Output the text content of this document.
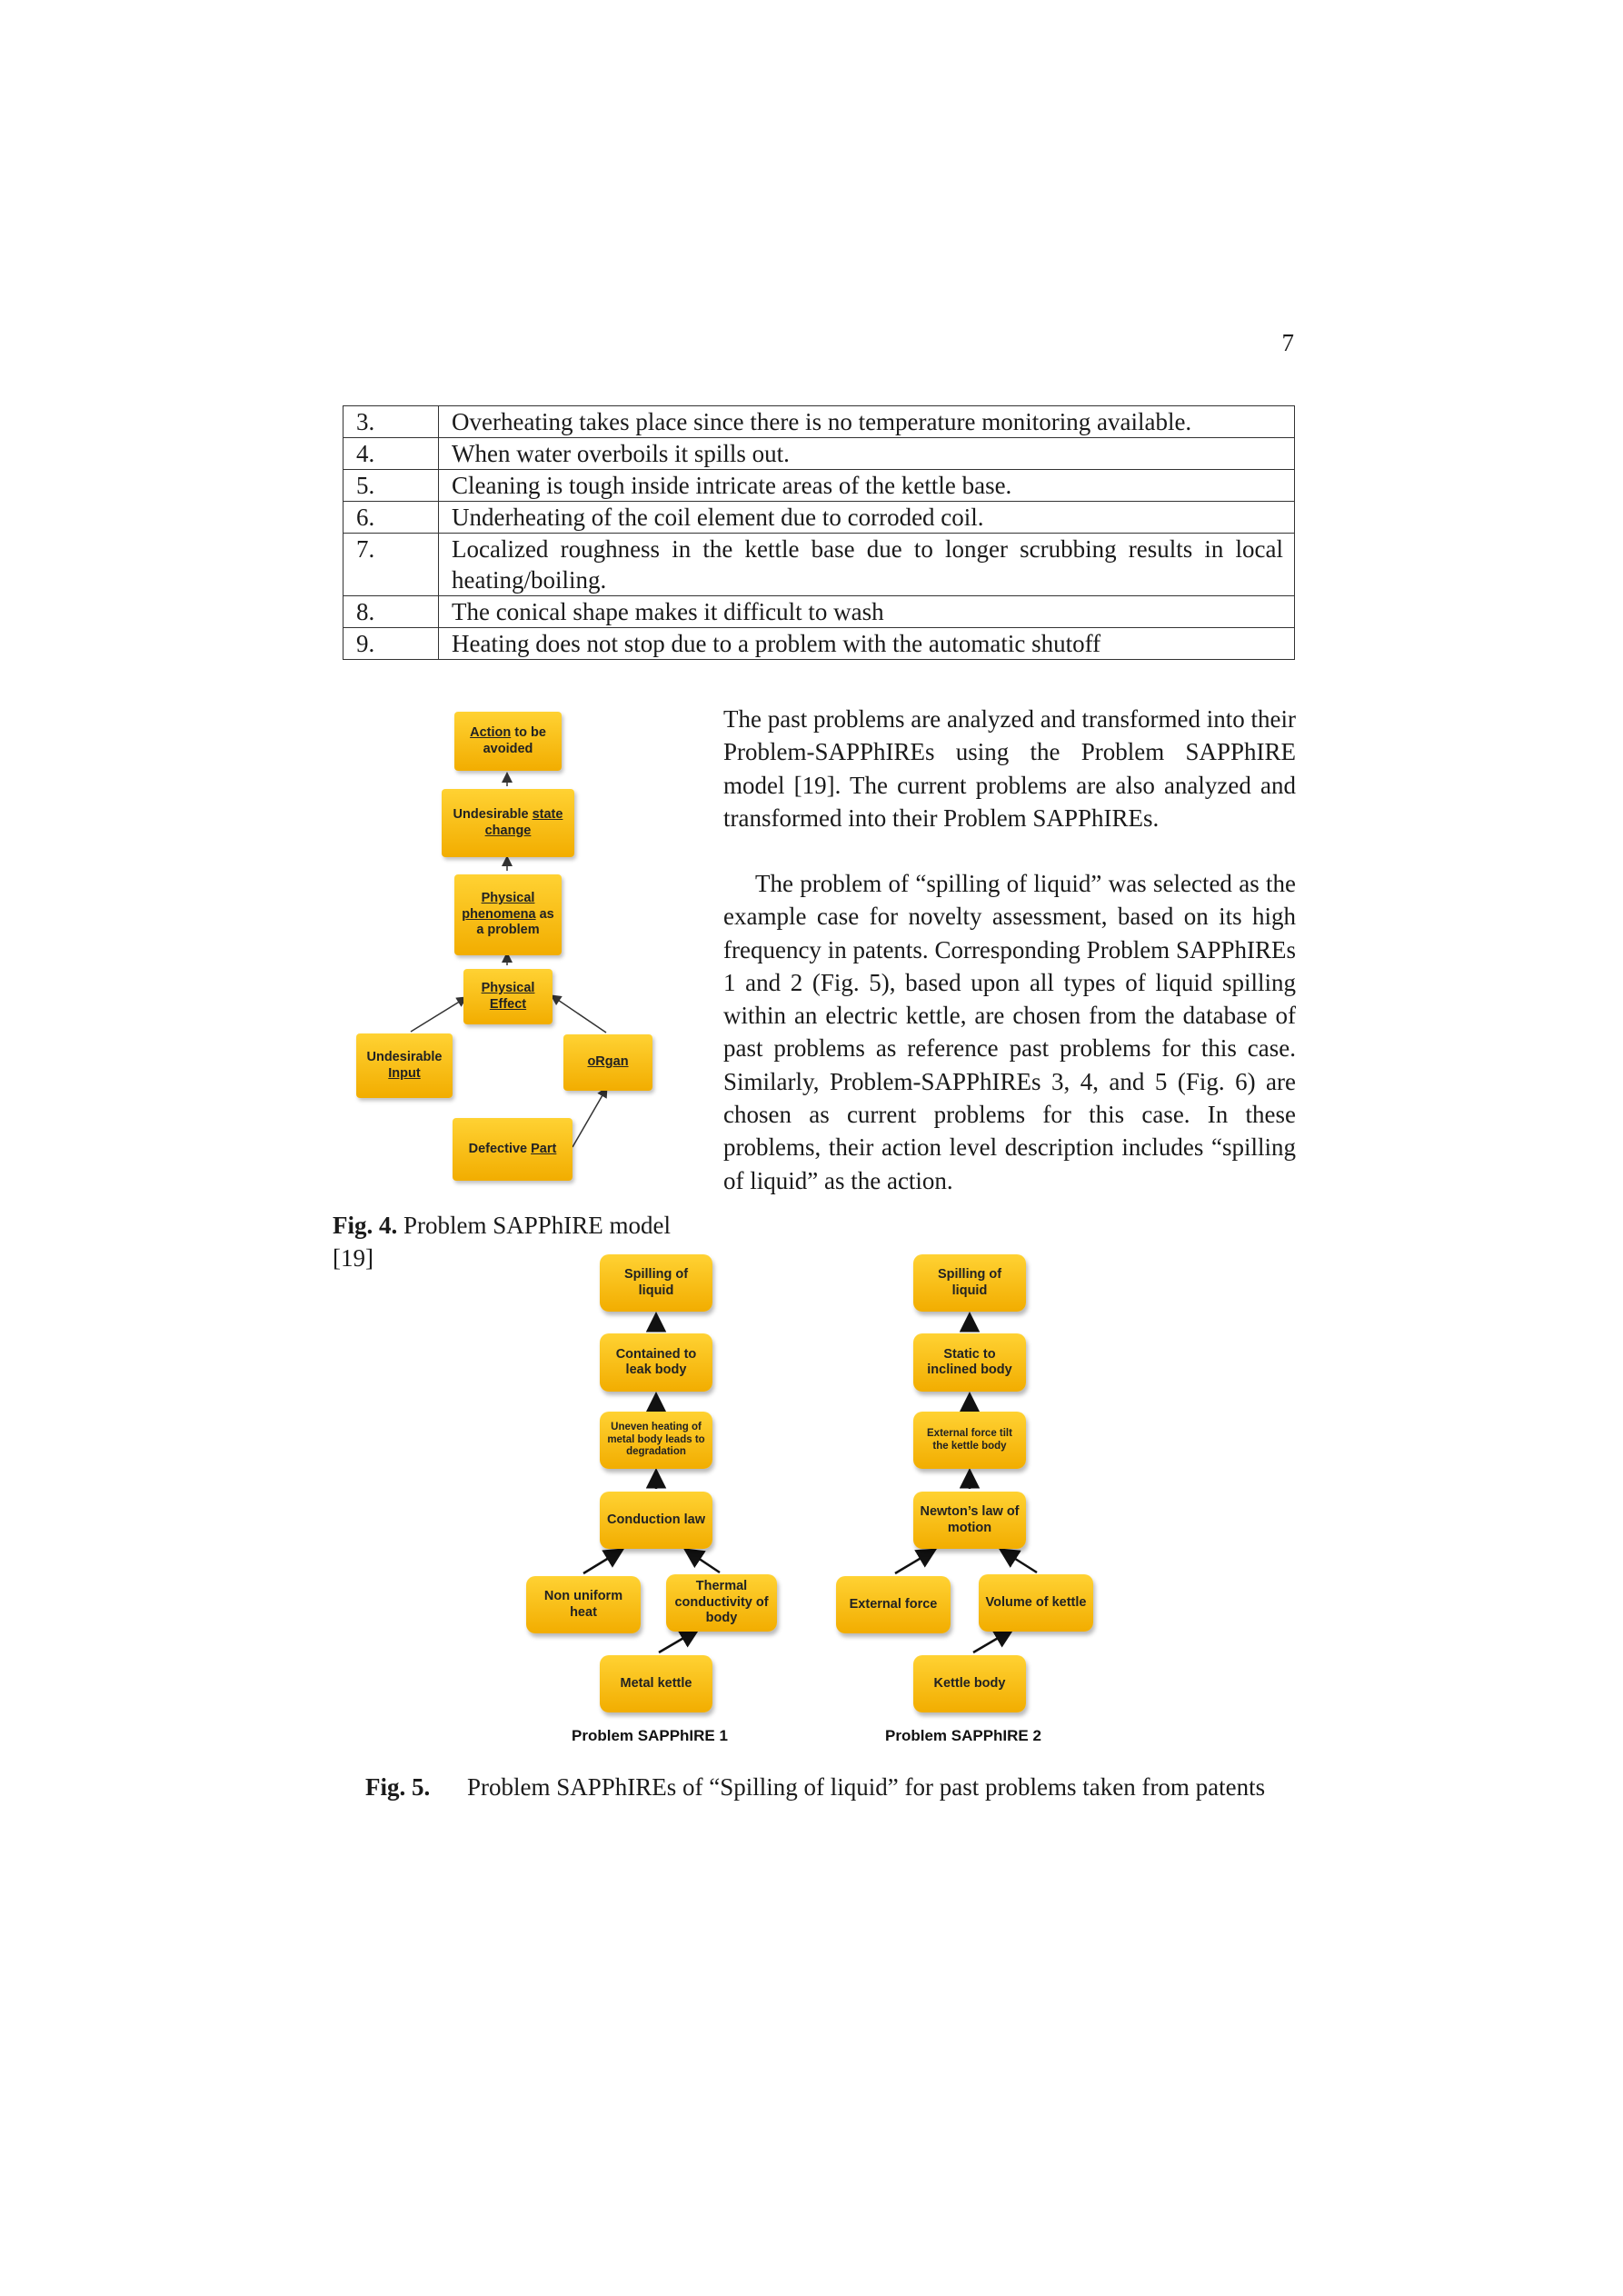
7
3.	Overheating takes place since there is no temperature monitoring available.
4.	When water overboils it spills out.
5.	Cleaning is tough inside intricate areas of the kettle base.
6.	Underheating of the coil element due to corroded coil.
7.	Localized roughness in the kettle base due to longer scrubbing results in local heating/boiling.
8.	The conical shape makes it difficult to wash
9.	Heating does not stop due to a problem with the automatic shutoff
Action to be avoided
Undesirable state change
Physical phenomena as a problem
Physical Effect
Undesirable Input
oRgan
Defective Part
Fig. 4. Problem SAPPhIRE model [19]

The past problems are analyzed and transformed into their Problem-SAPPhIREs using the Problem SAPPhIRE model [19]. The current problems are also analyzed and transformed into their Problem SAPPhIREs.

The problem of “spilling of liquid” was selected as the example case for novelty assessment, based on its high frequency in patents. Corresponding Problem SAPPhIREs 1 and 2 (Fig. 5), based upon all types of liquid spilling within an electric kettle, are chosen from the database of past problems as reference past problems for this case. Similarly, Problem-SAPPhIREs 3, 4, and 5 (Fig. 6) are chosen as current problems for this case. In these problems, their action level description includes “spilling of liquid” as the action.

Spilling of liquid
Contained to leak body
Uneven heating of metal body leads to degradation
Conduction law
Non uniform heat
Thermal conductivity of body
Metal kettle
Problem SAPPhIRE 1
Spilling of liquid
Static to inclined body
External force tilt the kettle body
Newton’s law of motion
External force	Volume of kettle
Kettle body
Problem SAPPhIRE 2
Fig. 5. Problem SAPPhIREs of “Spilling of liquid” for past problems taken from patents
